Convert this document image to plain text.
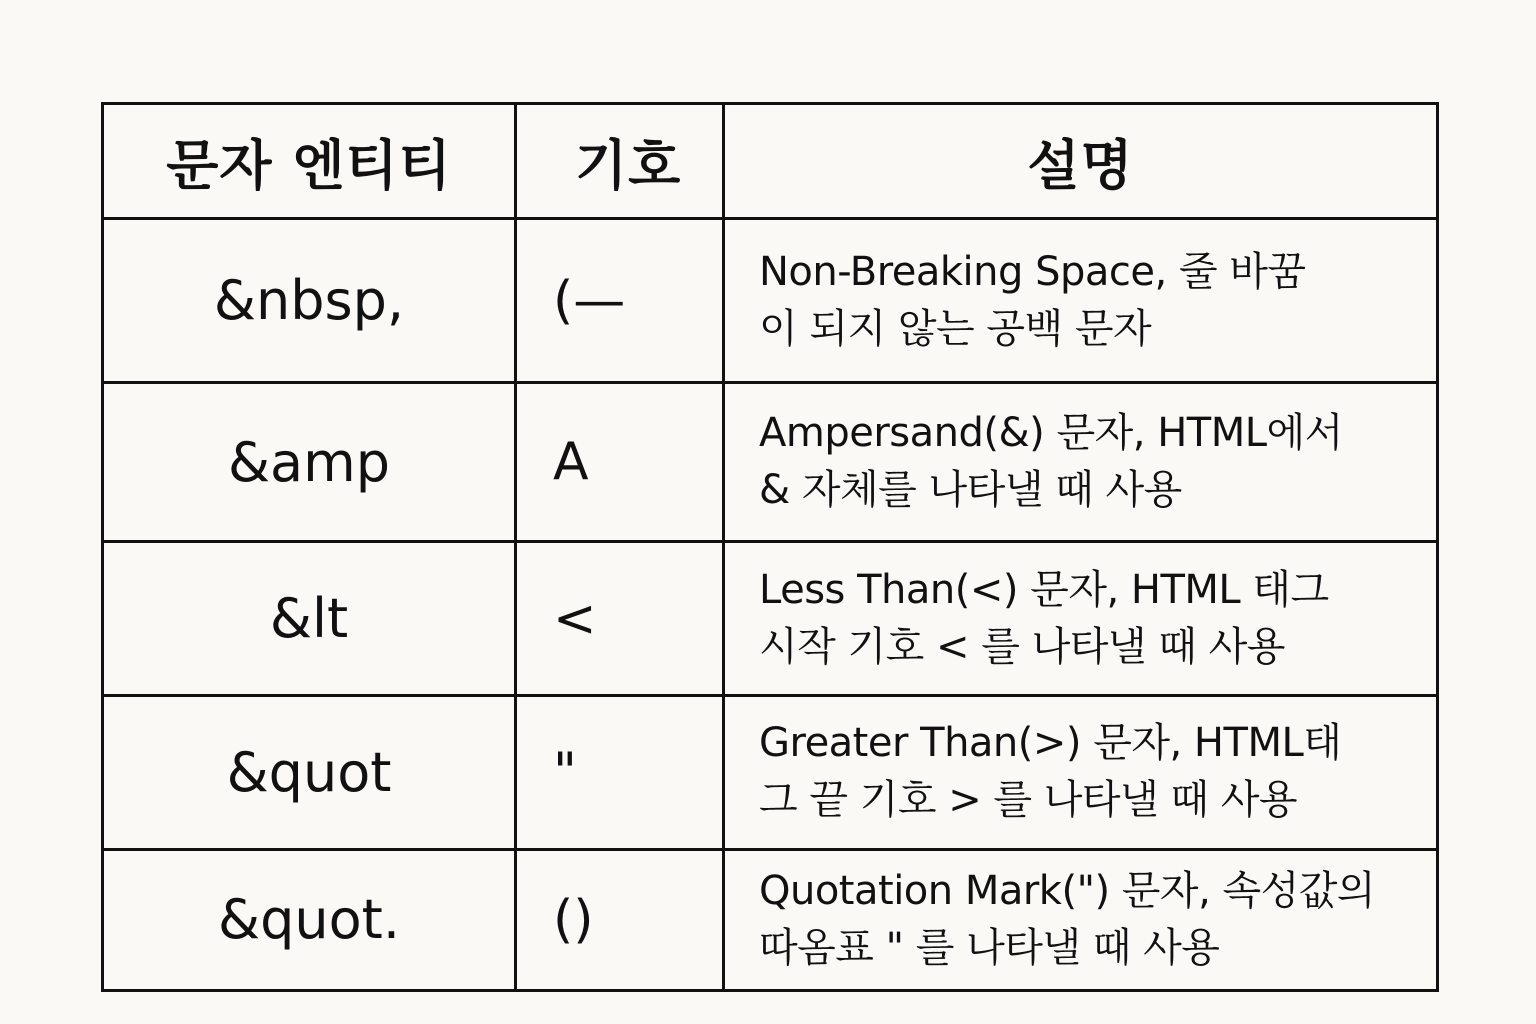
문자 엔티티	기호	설명
&nbsp,	(—	Non-Breaking Space, 줄 바꿈
이 되지 않는 공백 문자
&amp	A	Ampersand(&) 문자, HTML에서
& 자체를 나타낼 때 사용
&lt	<	Less Than(<) 문자, HTML 태그
시작 기호 < 를 나타낼 때 사용
&quot	"	Greater Than(>) 문자, HTML태
그 끝 기호 > 를 나타낼 때 사용
&quot.	()	Quotation Mark(") 문자, 속성값의
따옴표 " 를 나타낼 때 사용
